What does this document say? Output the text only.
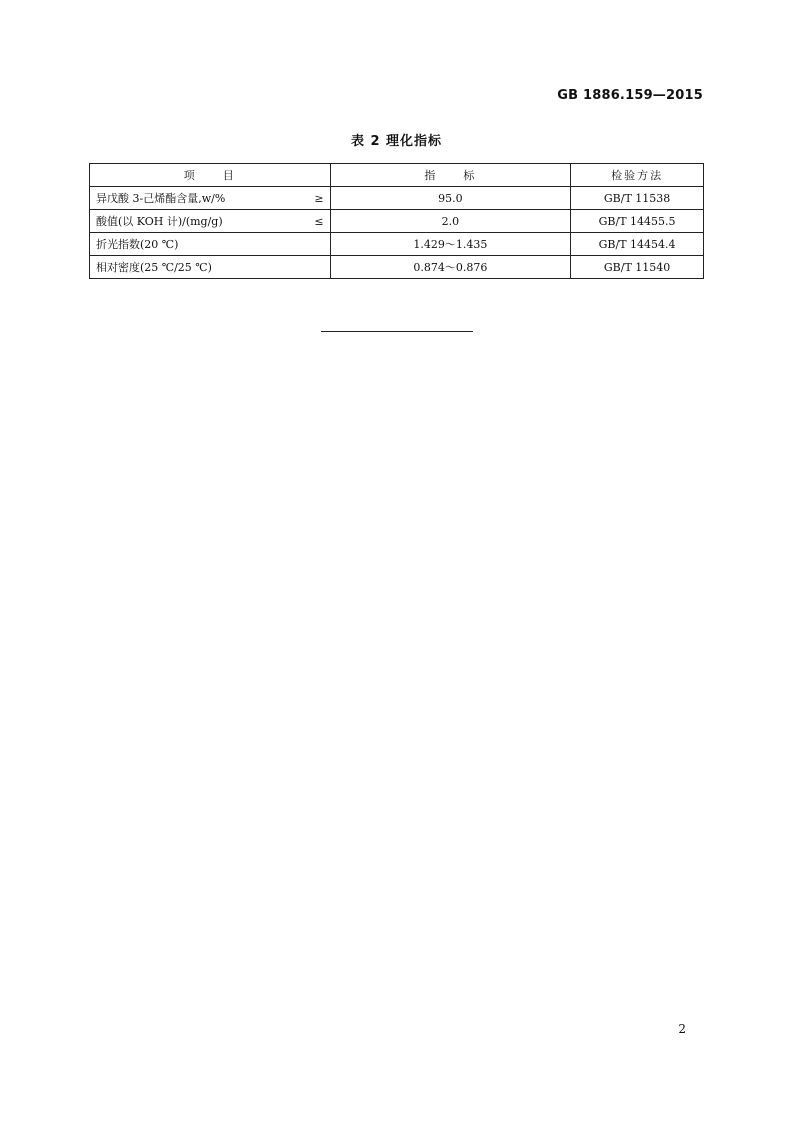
GB 1886.159—2015
表 2 理化指标
项　　目	指　　标	检验方法

异戊酸 3-己烯酯含量,w/% ≥	95.0	GB/T 11538

酸值(以 KOH 计)/(mg/g) ≤	2.0	GB/T 14455.5

折光指数(20 ℃)	1.429～1.435	GB/T 14454.4

相对密度(25 ℃/25 ℃)	0.874～0.876	GB/T 11540
2
